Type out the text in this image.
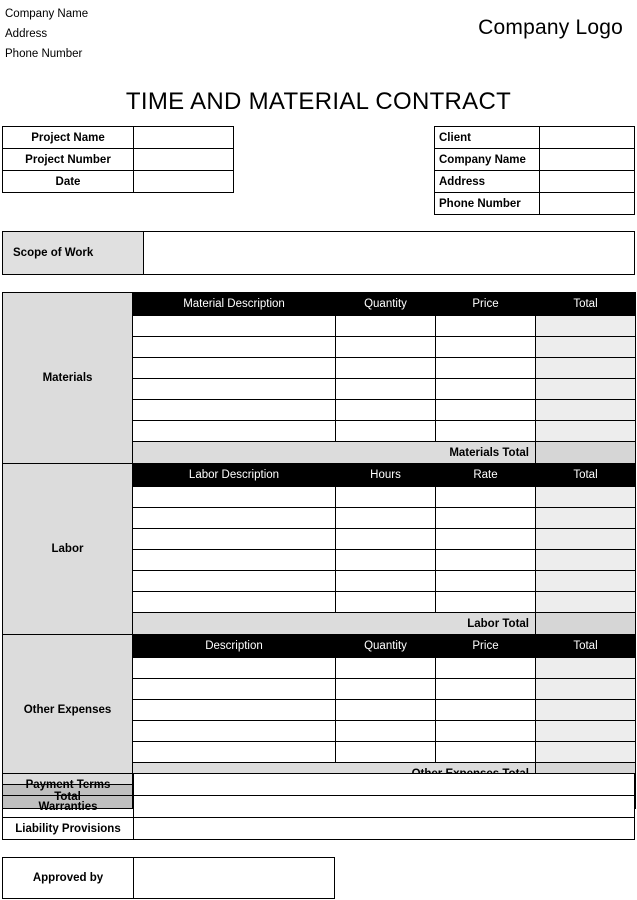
Company Name
Address
Phone Number
Company Logo
TIME AND MATERIAL CONTRACT
Project Name	
Project Number	
Date	
Client	
Company Name	
Address	
Phone Number	
Scope of Work	
Materials	Material Description	Quantity	Price	Total

	Materials Total			
Labor	Labor Description	Hours	Rate	Total

	Labor Total			
Other Expenses	Description	Quantity	Price	Total

Total				
Payment Terms	
Warranties	
Liability Provisions	
Approved by	
